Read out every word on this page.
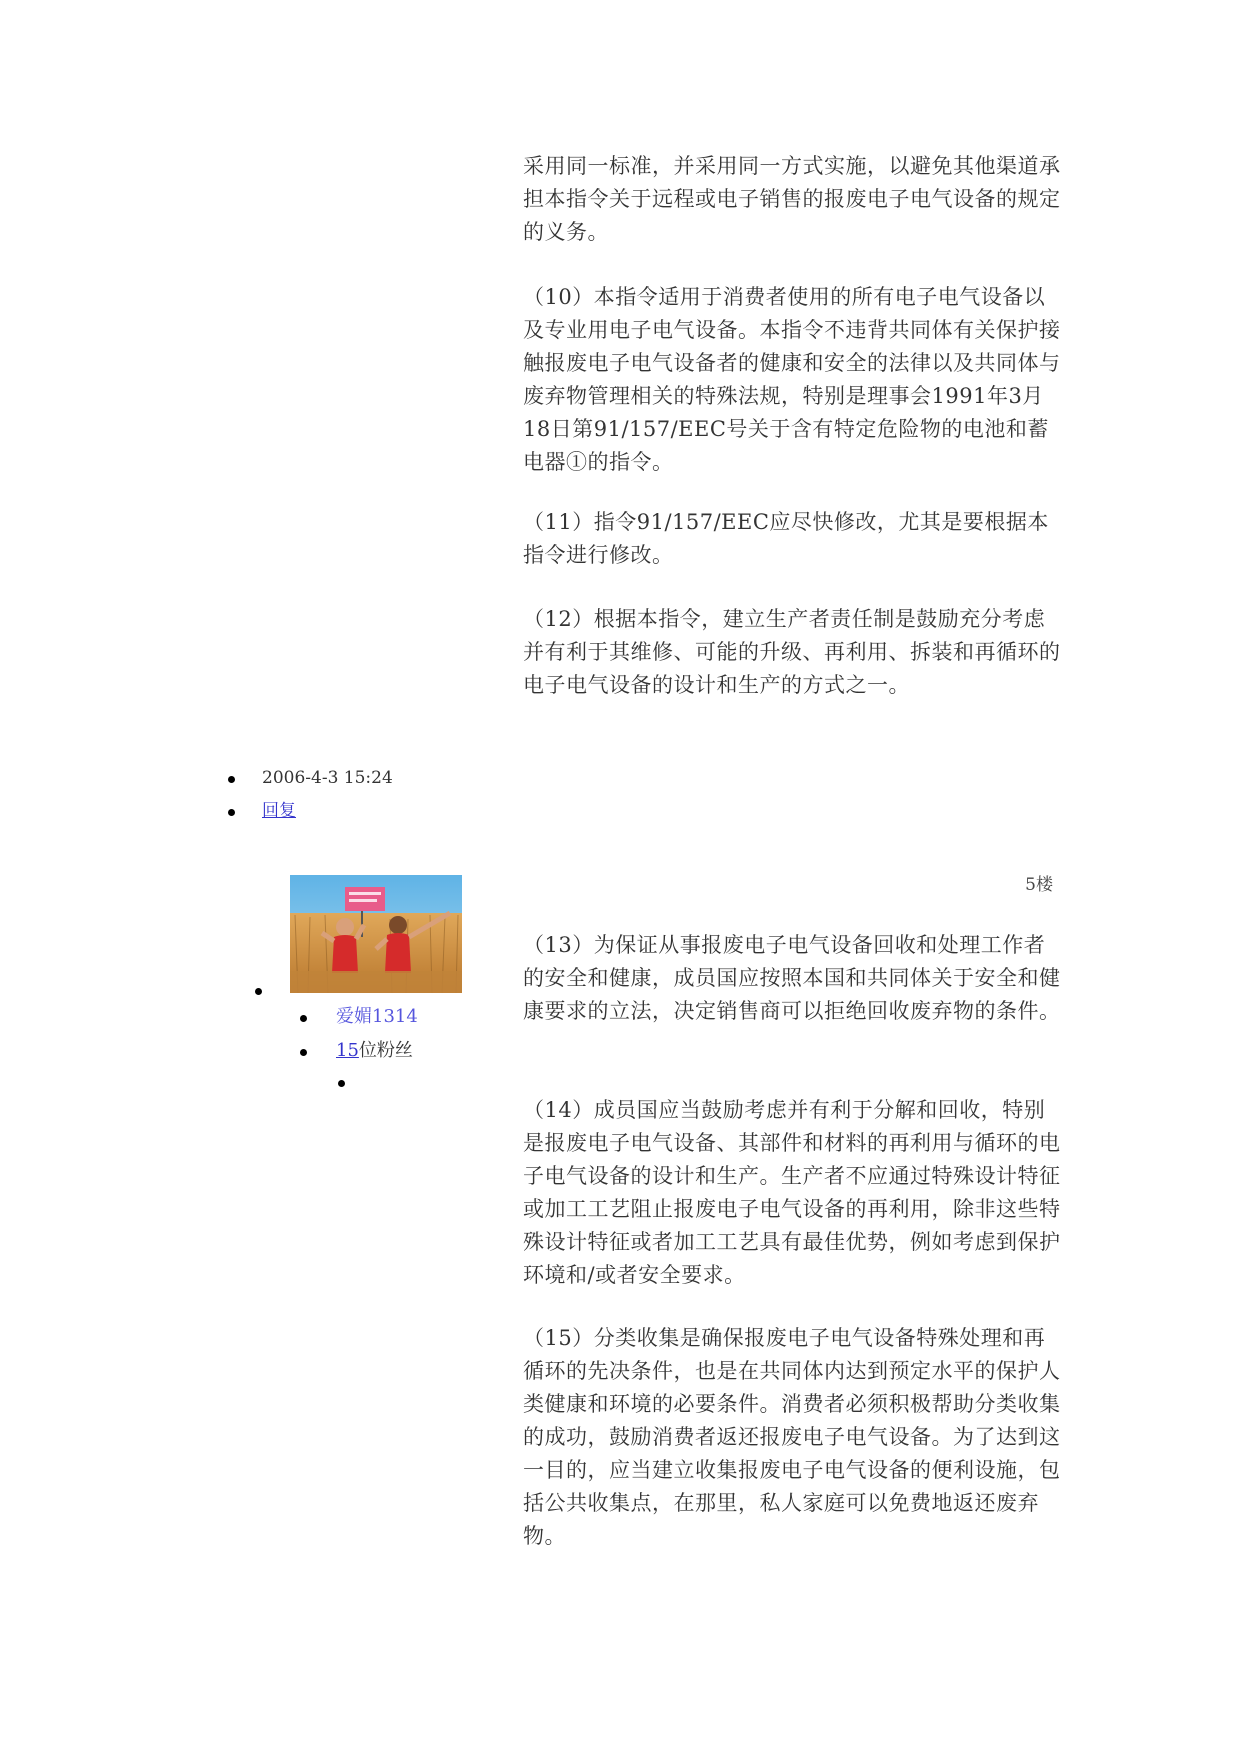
采用同一标准，并采用同一方式实施，以避免其他渠道承担本指令关于远程或电子销售的报废电子电气设备的规定的义务。

（10）本指令适用于消费者使用的所有电子电气设备以及专业用电子电气设备。本指令不违背共同体有关保护接触报废电子电气设备者的健康和安全的法律以及共同体与废弃物管理相关的特殊法规，特别是理事会1991年3月18日第91/157/EEC号关于含有特定危险物的电池和蓄电器①的指令。

（11）指令91/157/EEC应尽快修改，尤其是要根据本指令进行修改。

（12）根据本指令，建立生产者责任制是鼓励充分考虑并有利于其维修、可能的升级、再利用、拆装和再循环的电子电气设备的设计和生产的方式之一。

2006-4-3 15:24
回复
5楼
爱媚1314
15位粉丝

（13）为保证从事报废电子电气设备回收和处理工作者的安全和健康，成员国应按照本国和共同体关于安全和健康要求的立法，决定销售商可以拒绝回收废弃物的条件。

（14）成员国应当鼓励考虑并有利于分解和回收，特别是报废电子电气设备、其部件和材料的再利用与循环的电子电气设备的设计和生产。生产者不应通过特殊设计特征或加工工艺阻止报废电子电气设备的再利用，除非这些特殊设计特征或者加工工艺具有最佳优势，例如考虑到保护环境和/或者安全要求。

（15）分类收集是确保报废电子电气设备特殊处理和再循环的先决条件，也是在共同体内达到预定水平的保护人类健康和环境的必要条件。消费者必须积极帮助分类收集的成功，鼓励消费者返还报废电子电气设备。为了达到这一目的，应当建立收集报废电子电气设备的便利设施，包括公共收集点，在那里，私人家庭可以免费地返还废弃物。
